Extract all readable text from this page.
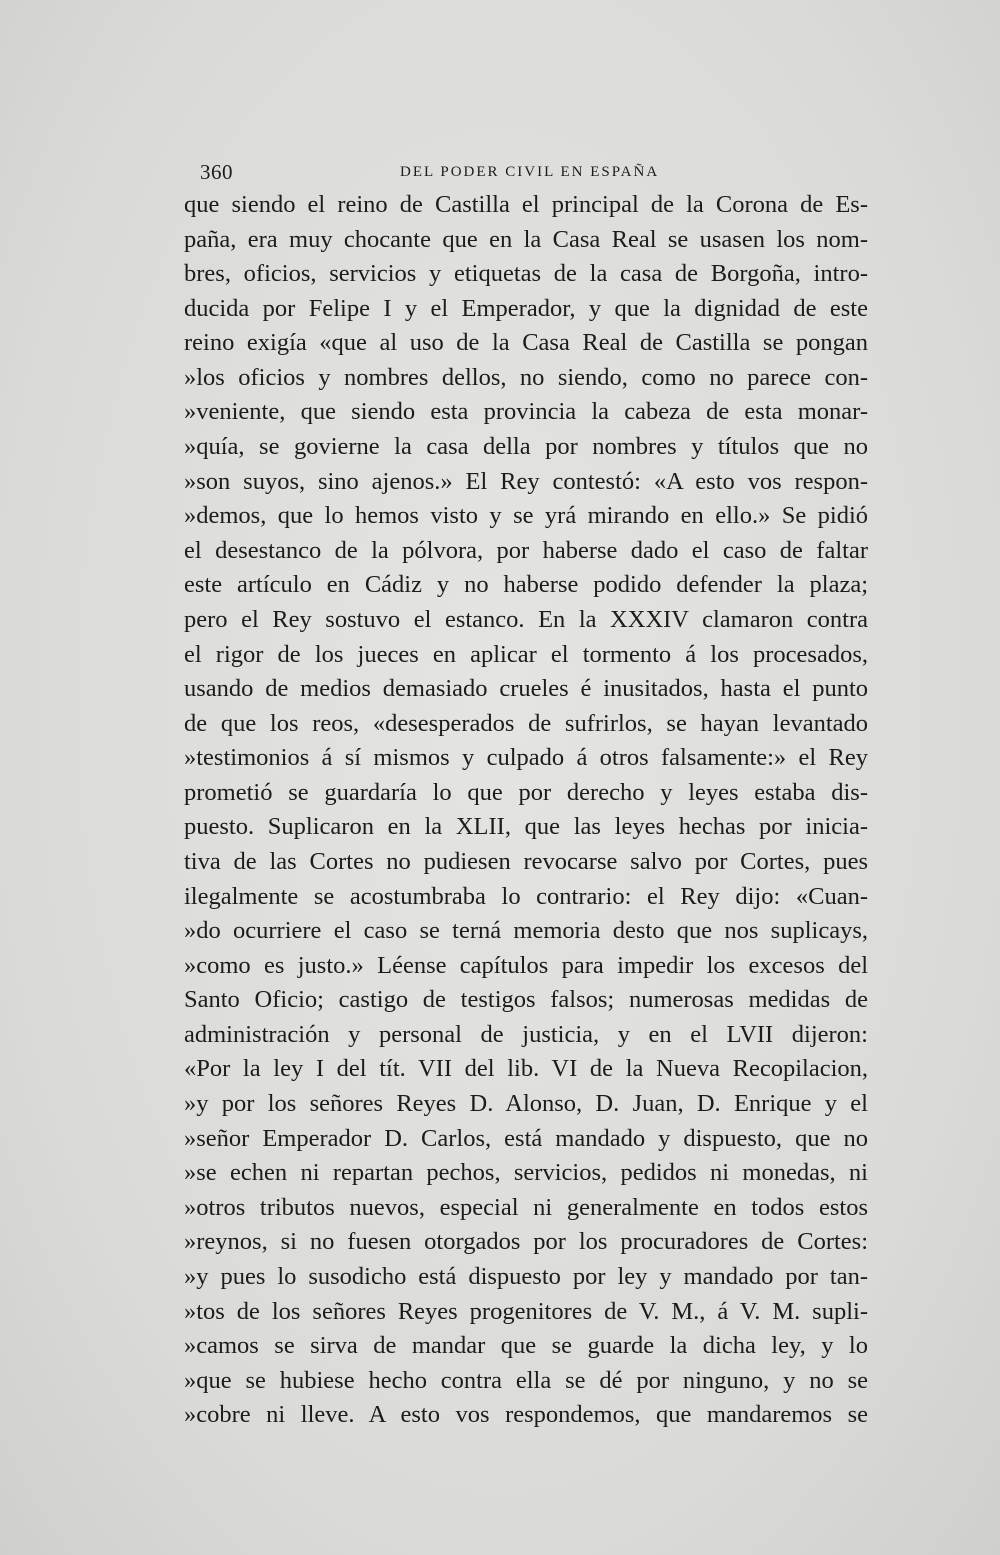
360	DEL PODER CIVIL EN ESPAÑA
que siendo el reino de Castilla el principal de la Corona de Es-
paña, era muy chocante que en la Casa Real se usasen los nom-
bres, oficios, servicios y etiquetas de la casa de Borgoña, intro-
ducida por Felipe I y el Emperador, y que la dignidad de este
reino exigía «que al uso de la Casa Real de Castilla se pongan
»los oficios y nombres dellos, no siendo, como no parece con-
»veniente, que siendo esta provincia la cabeza de esta monar-
»quía, se govierne la casa della por nombres y títulos que no
»son suyos, sino ajenos.» El Rey contestó: «A esto vos respon-
»demos, que lo hemos visto y se yrá mirando en ello.» Se pidió
el desestanco de la pólvora, por haberse dado el caso de faltar
este artículo en Cádiz y no haberse podido defender la plaza;
pero el Rey sostuvo el estanco. En la XXXIV clamaron contra
el rigor de los jueces en aplicar el tormento á los procesados,
usando de medios demasiado crueles é inusitados, hasta el punto
de que los reos, «desesperados de sufrirlos, se hayan levantado
»testimonios á sí mismos y culpado á otros falsamente:» el Rey
prometió se guardaría lo que por derecho y leyes estaba dis-
puesto. Suplicaron en la XLII, que las leyes hechas por inicia-
tiva de las Cortes no pudiesen revocarse salvo por Cortes, pues
ilegalmente se acostumbraba lo contrario: el Rey dijo: «Cuan-
»do ocurriere el caso se terná memoria desto que nos suplicays,
»como es justo.» Léense capítulos para impedir los excesos del
Santo Oficio; castigo de testigos falsos; numerosas medidas de
administración y personal de justicia, y en el LVII dijeron:
«Por la ley I del tít. VII del lib. VI de la Nueva Recopilacion,
»y por los señores Reyes D. Alonso, D. Juan, D. Enrique y el
»señor Emperador D. Carlos, está mandado y dispuesto, que no
»se echen ni repartan pechos, servicios, pedidos ni monedas, ni
»otros tributos nuevos, especial ni generalmente en todos estos
»reynos, si no fuesen otorgados por los procuradores de Cortes:
»y pues lo susodicho está dispuesto por ley y mandado por tan-
»tos de los señores Reyes progenitores de V. M., á V. M. supli-
»camos se sirva de mandar que se guarde la dicha ley, y lo
»que se hubiese hecho contra ella se dé por ninguno, y no se
»cobre ni lleve. A esto vos respondemos, que mandaremos se
